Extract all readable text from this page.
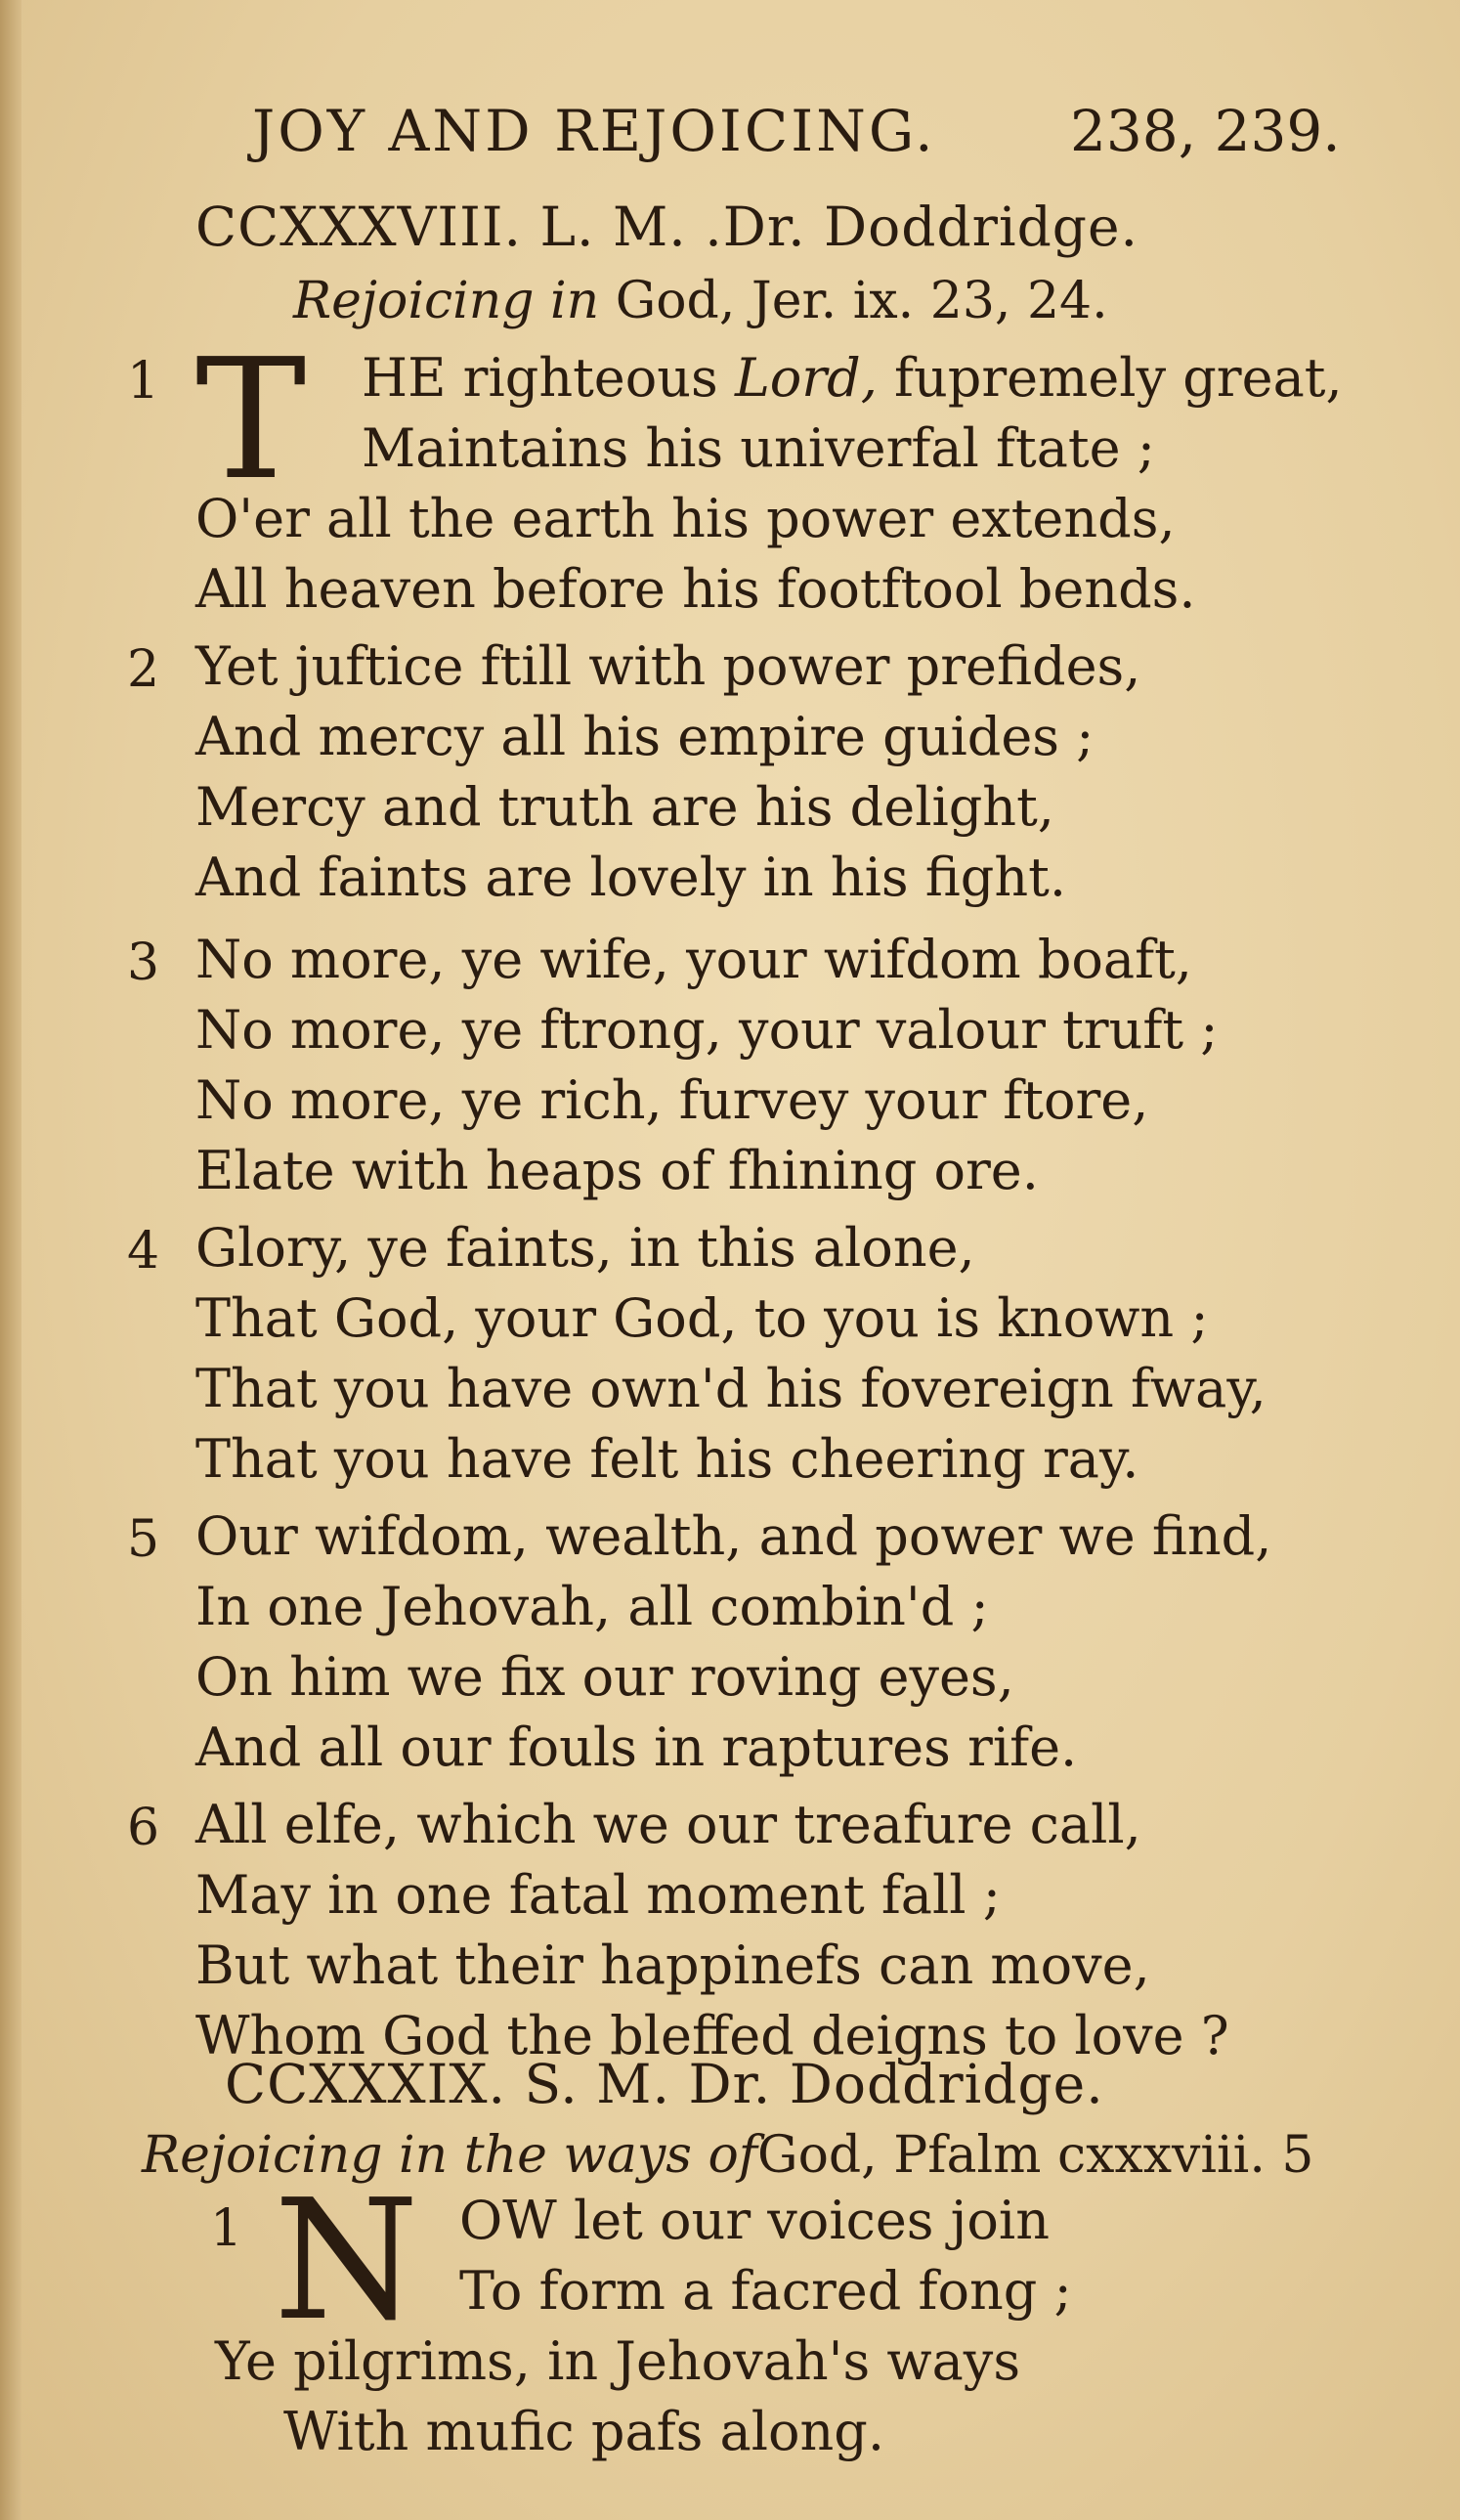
JOY AND REJOICING. 238, 239.
CCXXXVIII. L. M. .Dr. Doddridge.
Rejoicing in God, Jer. ix. 23, 24.
1 T HE righteous Lord, fupremely great,
Maintains his univerfal ftate ;
O'er all the earth his power extends,
All heaven before his footftool bends.
2 Yet juftice ftill with power prefides,
And mercy all his empire guides ;
Mercy and truth are his delight,
And faints are lovely in his fight.
3 No more, ye wife, your wifdom boaft,
No more, ye ftrong, your valour truft ;
No more, ye rich, furvey your ftore,
Elate with heaps of fhining ore.
4 Glory, ye faints, in this alone,
That God, your God, to you is known ;
That you have own'd his fovereign fway,
That you have felt his cheering ray.
5 Our wifdom, wealth, and power we find,
In one Jehovah, all combin'd ;
On him we fix our roving eyes,
And all our fouls in raptures rife.
6 All elfe, which we our treafure call,
May in one fatal moment fall ;
But what their happinefs can move,
Whom God the bleffed deigns to love ?
CCXXXIX. S. M. Dr. Doddridge.
Rejoicing in the ways ofGod, Pfalm cxxxviii. 5
1 N OW let our voices join
To form a facred fong ;
Ye pilgrims, in Jehovah's ways
With mufic pafs along.
